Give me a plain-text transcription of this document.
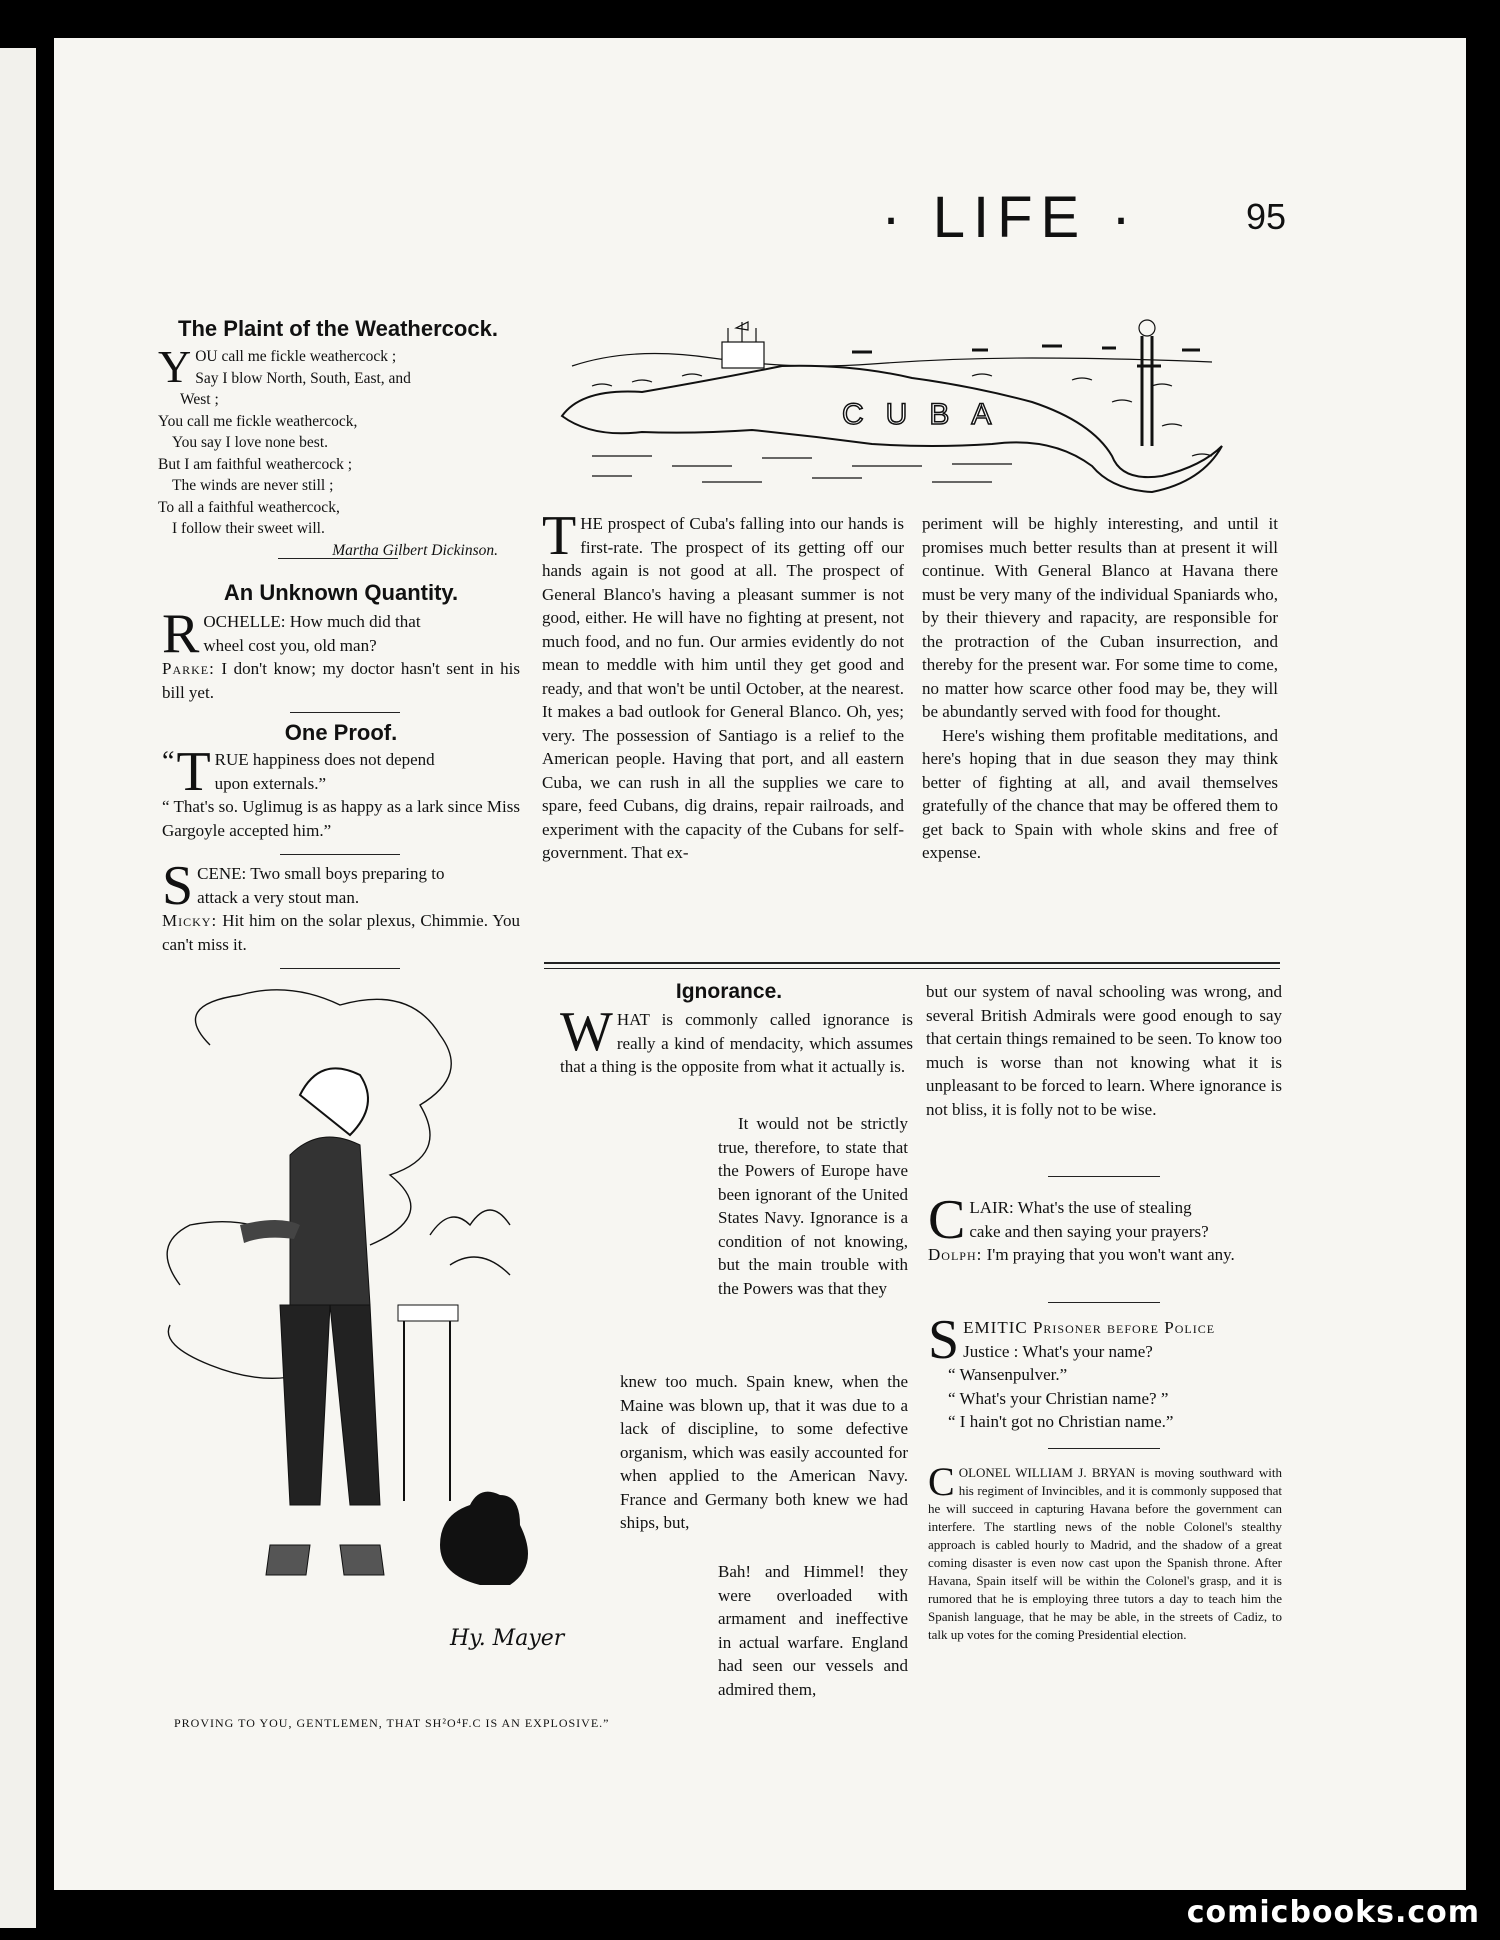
· LIFE ·	95
The Plaint of the Weathercock.
Y OU call me fickle weathercock ;
Say I blow North, South, East, and
West ;
You call me fickle weathercock,
You say I love none best.
But I am faithful weathercock ;
The winds are never still ;
To all a faithful weathercock,
I follow their sweet will.
Martha Gilbert Dickinson.
An Unknown Quantity.
R OCHELLE: How much did that
wheel cost you, old man?
Parke: I don't know; my doctor hasn't sent in his bill yet.
One Proof.
“ T RUE happiness does not depend
upon externals.”
“ That's so. Uglimug is as happy as a lark since Miss Gargoyle accepted him.”
S CENE: Two small boys preparing to
attack a very stout man.
Micky: Hit him on the solar plexus, Chimmie. You can't miss it.
CUBA
T HE prospect of Cuba's falling into our hands is first-rate. The prospect of its getting off our hands again is not good at all. The prospect of General Blanco's having a pleasant summer is not good, either. He will have no fighting at present, not much food, and no fun. Our armies evidently do not mean to meddle with him until they get good and ready, and that won't be until October, at the nearest. It makes a bad outlook for General Blanco. Oh, yes; very. The possession of Santiago is a relief to the American people. Having that port, and all eastern Cuba, we can rush in all the supplies we care to spare, feed Cubans, dig drains, repair railroads, and experiment with the capacity of the Cubans for self-government. That ex-

periment will be highly interesting, and until it promises much better results than at present it will continue. With General Blanco at Havana there must be very many of the individual Spaniards who, by their thievery and rapacity, are responsible for the protraction of the Cuban insurrection, and thereby for the present war. For some time to come, no matter how scarce other food may be, they will be abundantly served with food for thought.

Here's wishing them profitable meditations, and here's hoping that in due season they may think better of fighting at all, and avail themselves gratefully of the chance that may be offered them to get back to Spain with whole skins and free of expense.

Hy. Mayer
PROVING TO YOU, GENTLEMEN, THAT SH²O⁴F.C IS AN EXPLOSIVE.”
Ignorance.
W HAT is commonly called ignorance is really a kind of mendacity, which assumes that a thing is the opposite from what it actually is.

It would not be strictly true, therefore, to state that the Powers of Europe have been ignorant of the United States Navy. Ignorance is a condition of not knowing, but the main trouble with the Powers was that they

knew too much. Spain knew, when the Maine was blown up, that it was due to a lack of discipline, to some defective organism, which was easily accounted for when applied to the American Navy. France and Germany both knew we had ships, but,

Bah! and Himmel! they were overloaded with armament and ineffective in actual warfare. England had seen our vessels and admired them,

but our system of naval schooling was wrong, and several British Admirals were good enough to say that certain things remained to be seen. To know too much is worse than not knowing what it is unpleasant to be forced to learn. Where ignorance is not bliss, it is folly not to be wise.

C LAIR: What's the use of stealing
cake and then saying your prayers?
Dolph: I'm praying that you won't want any.
S EMITIC Prisoner before Police
Justice : What's your name?
“ Wansenpulver.”
“ What's your Christian name? ”
“ I hain't got no Christian name.”
C OLONEL WILLIAM J. BRYAN is moving southward with his regiment of Invincibles, and it is commonly supposed that he will succeed in capturing Havana before the government can interfere. The startling news of the noble Colonel's stealthy approach is cabled hourly to Madrid, and the shadow of a great coming disaster is even now cast upon the Spanish throne. After Havana, Spain itself will be within the Colonel's grasp, and it is rumored that he is employing three tutors a day to teach him the Spanish language, that he may be able, in the streets of Cadiz, to talk up votes for the coming Presidential election.

comicbooks.com
